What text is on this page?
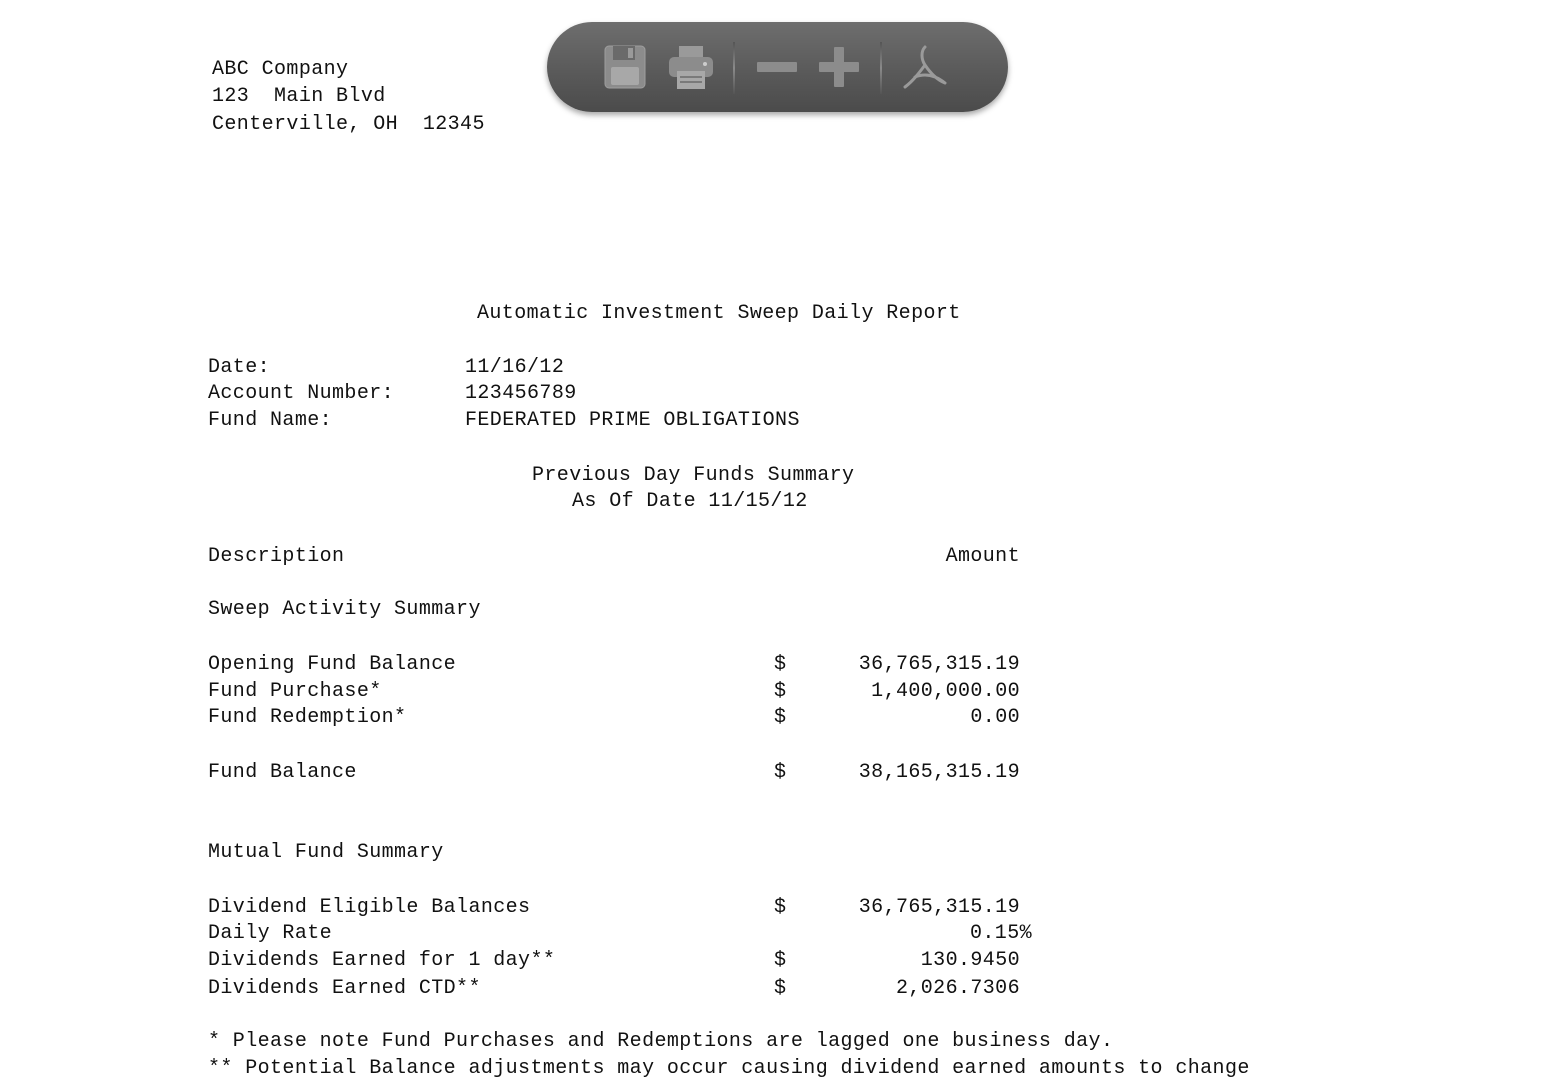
ABC Company
123  Main Blvd
Centerville, OH  12345
Automatic Investment Sweep Daily Report
Date:	11/16/12
Account Number:	123456789
Fund Name:	FEDERATED PRIME OBLIGATIONS
Previous Day Funds Summary
As Of Date 11/15/12
Description	Amount
Sweep Activity Summary
Opening Fund Balance	$	36,765,315.19
Fund Purchase*	$	1,400,000.00
Fund Redemption*	$	0.00
Fund Balance	$	38,165,315.19
Mutual Fund Summary
Dividend Eligible Balances	$	36,765,315.19
Daily Rate	0.15%
Dividends Earned for 1 day**	$	130.9450
Dividends Earned CTD**	$	2,026.7306
* Please note Fund Purchases and Redemptions are lagged one business day.
** Potential Balance adjustments may occur causing dividend earned amounts to change
